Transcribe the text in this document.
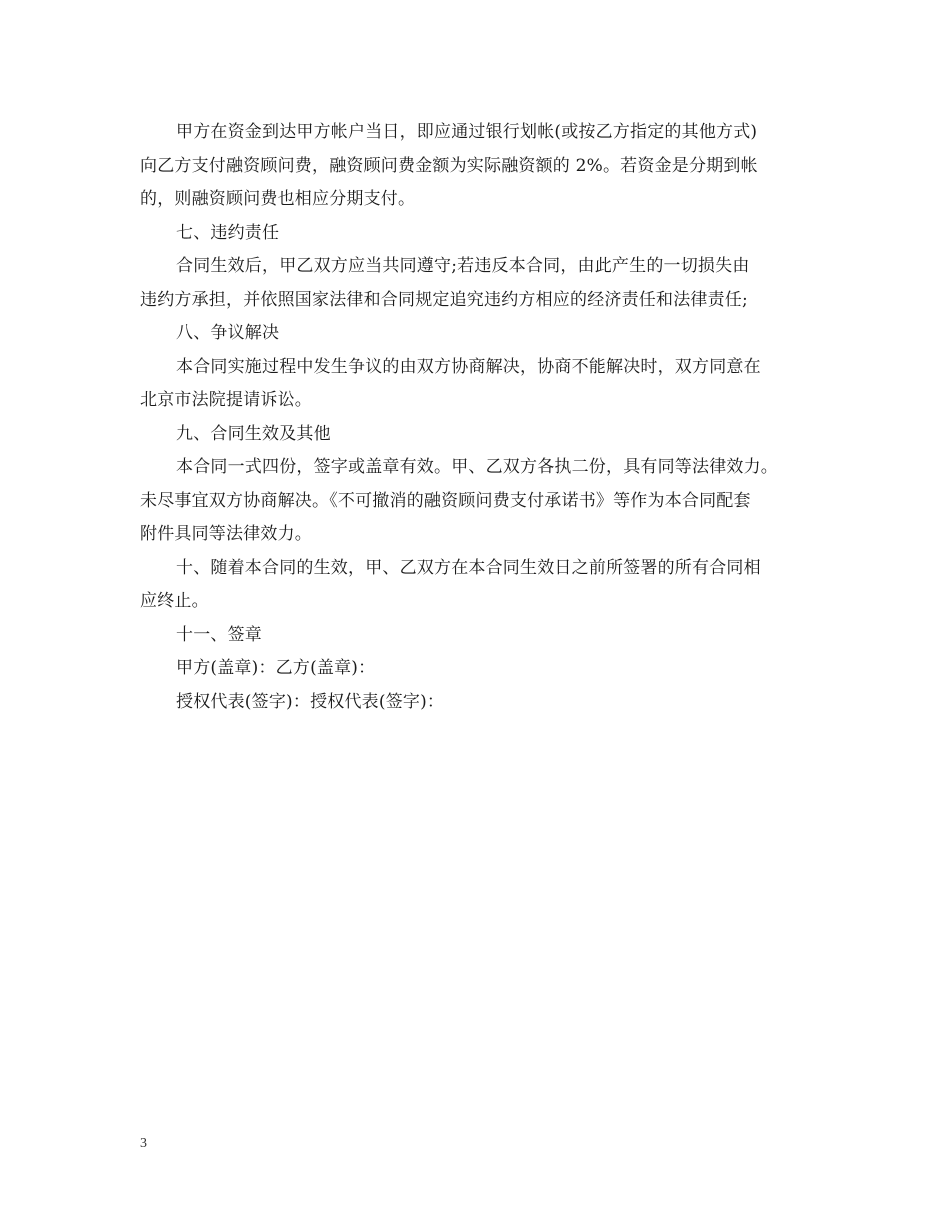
甲方在资金到达甲方帐户当日，即应通过银行划帐(或按乙方指定的其他方式)
向乙方支付融资顾问费，融资顾问费金额为实际融资额的 2%。若资金是分期到帐
的，则融资顾问费也相应分期支付。
七、违约责任
合同生效后，甲乙双方应当共同遵守;若违反本合同，由此产生的一切损失由
违约方承担，并依照国家法律和合同规定追究违约方相应的经济责任和法律责任;
八、争议解决
本合同实施过程中发生争议的由双方协商解决，协商不能解决时，双方同意在
北京市法院提请诉讼。
九、合同生效及其他
本合同一式四份，签字或盖章有效。甲、乙双方各执二份，具有同等法律效力。
未尽事宜双方协商解决。《不可撤消的融资顾问费支付承诺书》等作为本合同配套
附件具同等法律效力。
十、随着本合同的生效，甲、乙双方在本合同生效日之前所签署的所有合同相
应终止。
十一、签章
甲方(盖章)：乙方(盖章)：
授权代表(签字)：授权代表(签字)：
3
